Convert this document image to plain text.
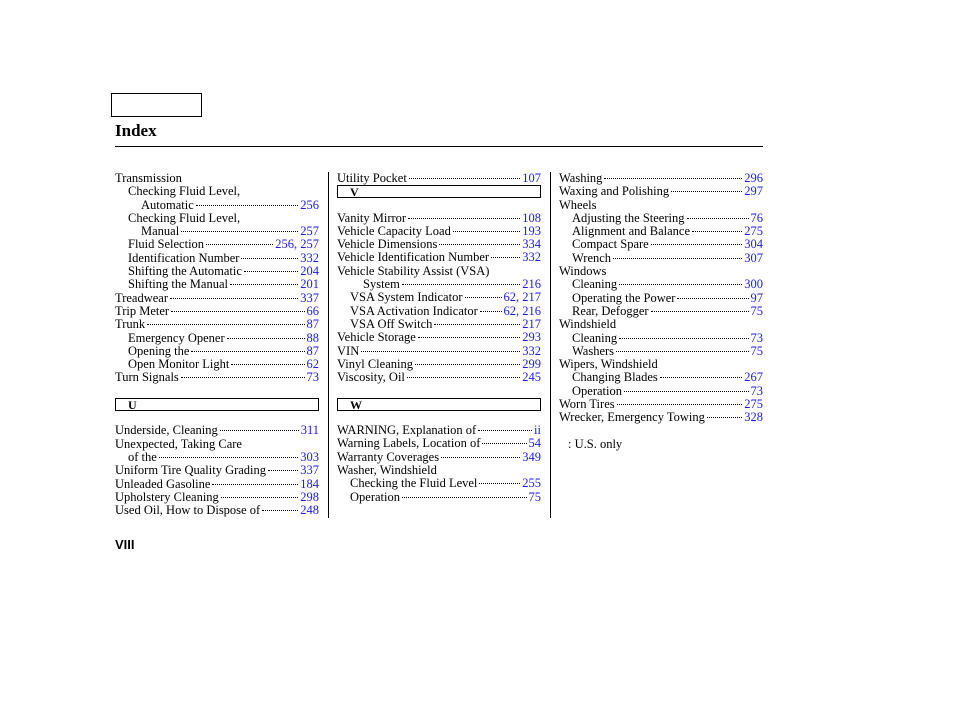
Index
Transmission
Checking Fluid Level,
Automatic	256
Checking Fluid Level,
Manual	257
Fluid Selection	256, 257
Identification Number	332
Shifting the Automatic	204
Shifting the Manual	201
Treadwear	337
Trip Meter	66
Trunk	87
Emergency Opener	88
Opening the	87
Open Monitor Light	62
Turn Signals	73
U
Underside, Cleaning	311
Unexpected, Taking Care
of the	303
Uniform Tire Quality Grading	337
Unleaded Gasoline	184
Upholstery Cleaning	298
Used Oil, How to Dispose of	248
Utility Pocket	107
V
Vanity Mirror	108
Vehicle Capacity Load	193
Vehicle Dimensions	334
Vehicle Identification Number	332
Vehicle Stability Assist (VSA)
System	216
VSA System Indicator	62, 217
VSA Activation Indicator 62, 216
VSA Off Switch	217
Vehicle Storage	293
VIN	332
Vinyl Cleaning	299
Viscosity, Oil	245
W
WARNING, Explanation of	ii
Warning Labels, Location of	54
Warranty Coverages	349
Washer, Windshield
Checking the Fluid Level	255
Operation	75
Washing	296
Waxing and Polishing	297
Wheels
Adjusting the Steering	76
Alignment and Balance	275
Compact Spare	304
Wrench	307
Windows
Cleaning	300
Operating the Power	97
Rear, Defogger	75
Windshield
Cleaning	73
Washers	75
Wipers, Windshield
Changing Blades	267
Operation	73
Worn Tires	275
Wrecker, Emergency Towing	328
: U.S. only
VIII
